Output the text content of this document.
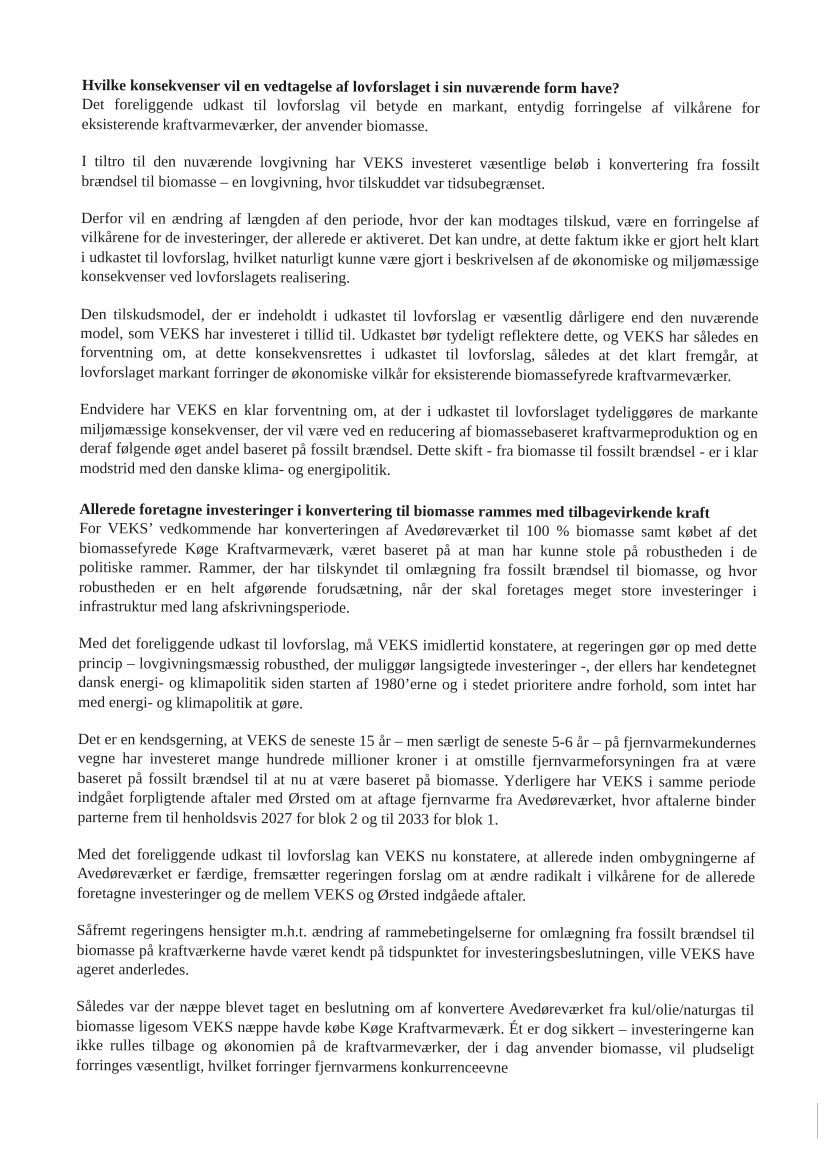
Hvilke konsekvenser vil en vedtagelse af lovforslaget i sin nuværende form have?

Det foreliggende udkast til lovforslag vil betyde en markant, entydig forringelse af vilkårene for eksisterende kraftvarmeværker, der anvender biomasse.

I tiltro til den nuværende lovgivning har VEKS investeret væsentlige beløb i konvertering fra fossilt brændsel til biomasse – en lovgivning, hvor tilskuddet var tidsubegrænset.

Derfor vil en ændring af længden af den periode, hvor der kan modtages tilskud, være en forringelse af vilkårene for de investeringer, der allerede er aktiveret. Det kan undre, at dette faktum ikke er gjort helt klart i udkastet til lovforslag, hvilket naturligt kunne være gjort i beskrivelsen af de økonomiske og miljømæssige konsekvenser ved lovforslagets realisering.

Den tilskudsmodel, der er indeholdt i udkastet til lovforslag er væsentlig dårligere end den nuværende model, som VEKS har investeret i tillid til. Udkastet bør tydeligt reflektere dette, og VEKS har således en forventning om, at dette konsekvensrettes i udkastet til lovforslag, således at det klart fremgår, at lovforslaget markant forringer de økonomiske vilkår for eksisterende biomassefyrede kraftvarmeværker.

Endvidere har VEKS en klar forventning om, at der i udkastet til lovforslaget tydeliggøres de markante miljømæssige konsekvenser, der vil være ved en reducering af biomassebaseret kraftvarmeproduktion og en deraf følgende øget andel baseret på fossilt brændsel. Dette skift - fra biomasse til fossilt brændsel - er i klar modstrid med den danske klima- og energipolitik.

Allerede foretagne investeringer i konvertering til biomasse rammes med tilbagevirkende kraft

For VEKS’ vedkommende har konverteringen af Avedøreværket til 100 % biomasse samt købet af det biomassefyrede Køge Kraftvarmeværk, været baseret på at man har kunne stole på robustheden i de politiske rammer. Rammer, der har tilskyndet til omlægning fra fossilt brændsel til biomasse, og hvor robustheden er en helt afgørende forudsætning, når der skal foretages meget store investeringer i infrastruktur med lang afskrivningsperiode.

Med det foreliggende udkast til lovforslag, må VEKS imidlertid konstatere, at regeringen gør op med dette princip – lovgivningsmæssig robusthed, der muliggør langsigtede investeringer -, der ellers har kendetegnet dansk energi- og klimapolitik siden starten af 1980’erne og i stedet prioritere andre forhold, som intet har med energi- og klimapolitik at gøre.

Det er en kendsgerning, at VEKS de seneste 15 år – men særligt de seneste 5-6 år – på fjernvarmekundernes vegne har investeret mange hundrede millioner kroner i at omstille fjernvarmeforsyningen fra at være baseret på fossilt brændsel til at nu at være baseret på biomasse. Yderligere har VEKS i samme periode indgået forpligtende aftaler med Ørsted om at aftage fjernvarme fra Avedøreværket, hvor aftalerne binder parterne frem til henholdsvis 2027 for blok 2 og til 2033 for blok 1.

Med det foreliggende udkast til lovforslag kan VEKS nu konstatere, at allerede inden ombygningerne af Avedøreværket er færdige, fremsætter regeringen forslag om at ændre radikalt i vilkårene for de allerede foretagne investeringer og de mellem VEKS og Ørsted indgåede aftaler.

Såfremt regeringens hensigter m.h.t. ændring af rammebetingelserne for omlægning fra fossilt brændsel til biomasse på kraftværkerne havde været kendt på tidspunktet for investeringsbeslutningen, ville VEKS have ageret anderledes.

Således var der næppe blevet taget en beslutning om af konvertere Avedøreværket fra kul/olie/naturgas til biomasse ligesom VEKS næppe havde købe Køge Kraftvarmeværk. Ét er dog sikkert – investeringerne kan ikke rulles tilbage og økonomien på de kraftvarmeværker, der i dag anvender biomasse, vil pludseligt forringes væsentligt, hvilket forringer fjernvarmens konkurrenceevne
